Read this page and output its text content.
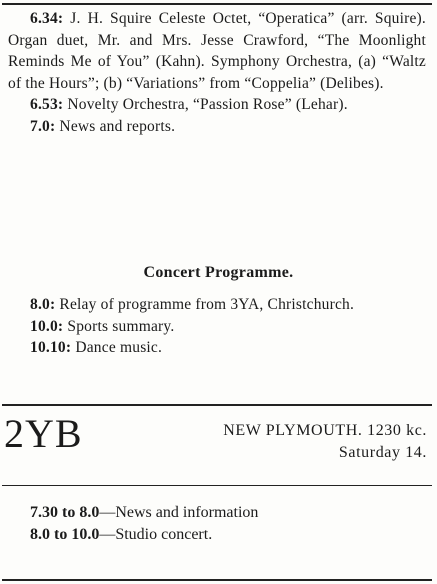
6.34: J. H. Squire Celeste Octet, “Operatica” (arr. Squire). Organ duet, Mr. and Mrs. Jesse Crawford, “The Moonlight Reminds Me of You” (Kahn). Symphony Orchestra, (a) “Waltz of the Hours”; (b) “Variations” from “Coppelia” (Delibes).

6.53: Novelty Orchestra, “Passion Rose” (Lehar).

7.0: News and reports.

Concert Programme.

8.0: Relay of programme from 3YA, Christchurch.

10.0: Sports summary.

10.10: Dance music.

2YB	NEW PLYMOUTH. 1230 kc.
Saturday 14.

7.30 to 8.0—News and information

8.0 to 10.0—Studio concert.
